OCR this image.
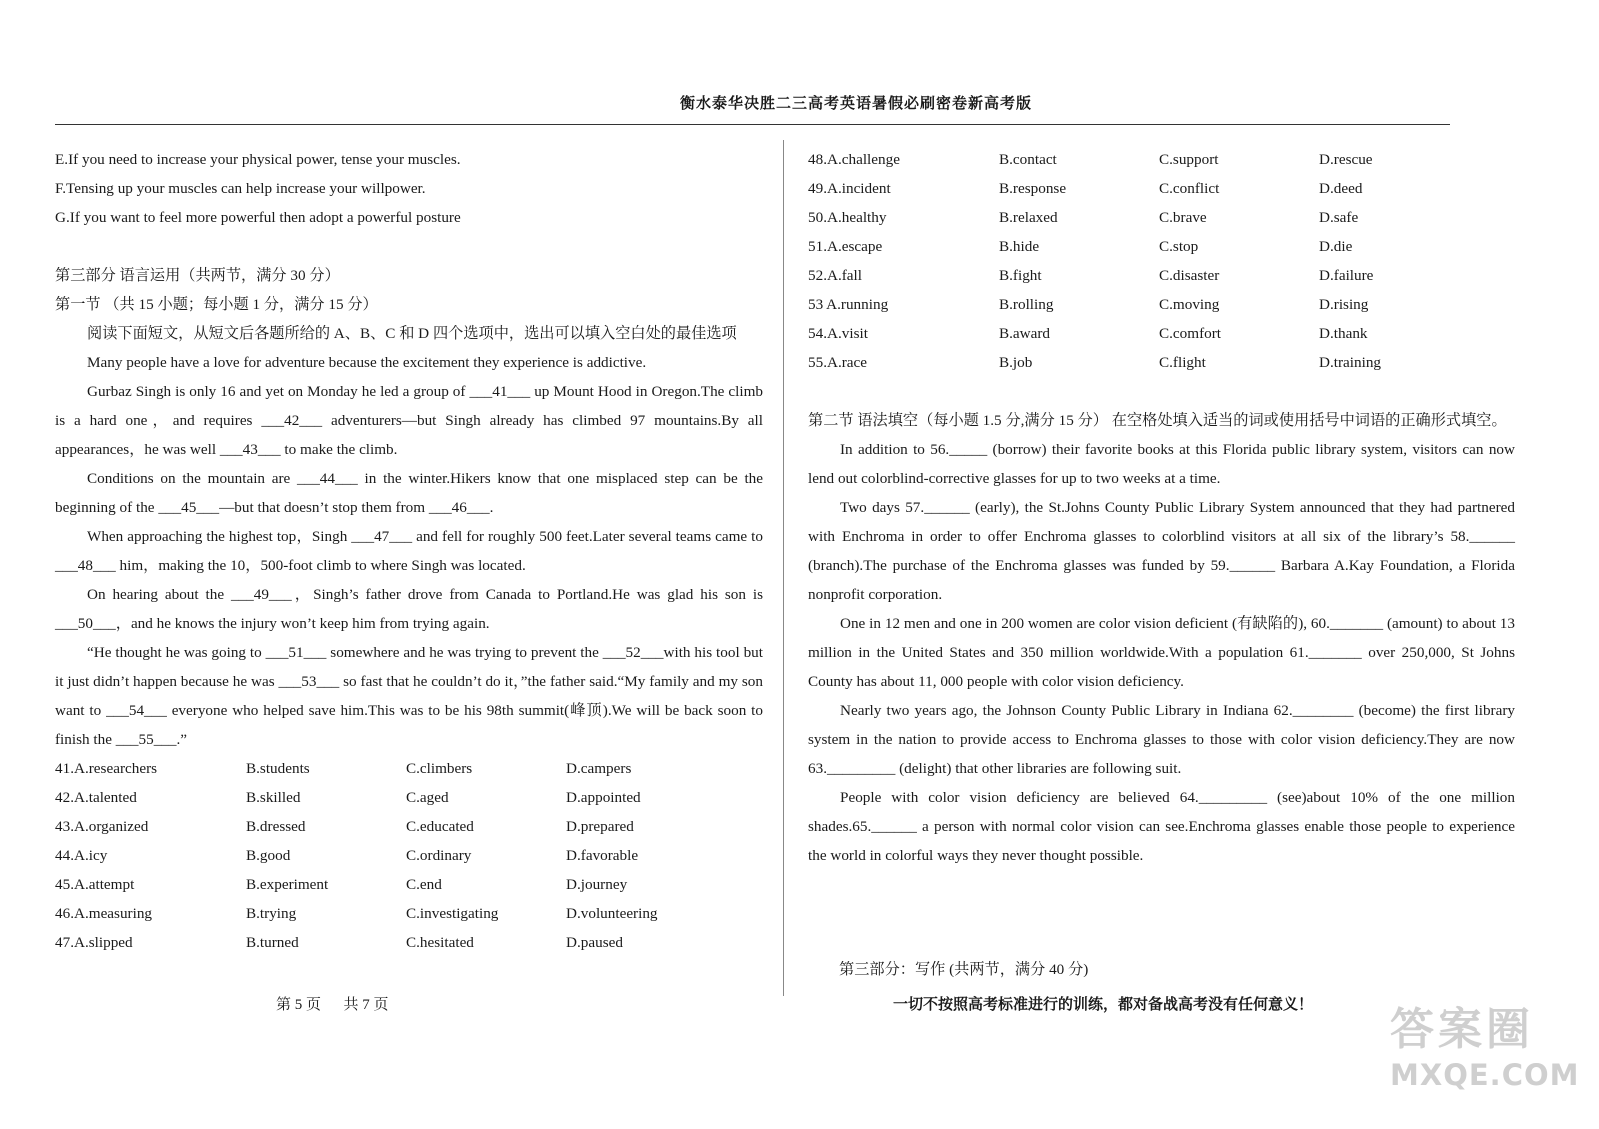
衡水泰华决胜二三高考英语暑假必刷密卷新高考版
E.If you need to increase your physical power, tense your muscles.
F.Tensing up your muscles can help increase your willpower.
G.If you want to feel more powerful then adopt a powerful posture
第三部分 语言运用（共两节，满分 30 分）
第一节 （共 15 小题；每小题 1 分，满分 15 分）

阅读下面短文，从短文后各题所给的 A、B、C 和 D 四个选项中，选出可以填入空白处的最佳选项

Many people have a love for adventure because the excitement they experience is addictive.

Gurbaz Singh is only 16 and yet on Monday he led a group of ___41___ up Mount Hood in Oregon.The climb is a hard one，and requires ___42___ adventurers—but Singh already has climbed 97 mountains.By all appearances，he was well ___43___ to make the climb.

Conditions on the mountain are ___44___ in the winter.Hikers know that one misplaced step can be the beginning of the ___45___—but that doesn’t stop them from ___46___.

When approaching the highest top，Singh ___47___ and fell for roughly 500 feet.Later several teams came to ___48___ him，making the 10，500-foot climb to where Singh was located.

On hearing about the ___49___，Singh’s father drove from Canada to Portland.He was glad his son is ___50___，and he knows the injury won’t keep him from trying again.

“He thought he was going to ___51___ somewhere and he was trying to prevent the ___52___with his tool but it just didn’t happen because he was ___53___ so fast that he couldn’t do it，”the father said.“My family and my son want to ___54___ everyone who helped save him.This was to be his 98th summit(峰顶).We will be back soon to finish the ___55___.”

41.A.researchers	B.students	C.climbers	D.campers
42.A.talented	B.skilled	C.aged	D.appointed
43.A.organized	B.dressed	C.educated	D.prepared
44.A.icy	B.good	C.ordinary	D.favorable
45.A.attempt	B.experiment	C.end	D.journey
46.A.measuring	B.trying	C.investigating	D.volunteering
47.A.slipped	B.turned	C.hesitated	D.paused
48.A.challenge	B.contact	C.support	D.rescue
49.A.incident	B.response	C.conflict	D.deed
50.A.healthy	B.relaxed	C.brave	D.safe
51.A.escape	B.hide	C.stop	D.die
52.A.fall	B.fight	C.disaster	D.failure
53 A.running	B.rolling	C.moving	D.rising
54.A.visit	B.award	C.comfort	D.thank
55.A.race	B.job	C.flight	D.training

第二节 语法填空（每小题 1.5 分,满分 15 分） 在空格处填入适当的词或使用括号中词语的正确形式填空。

In addition to 56._____ (borrow) their favorite books at this Florida public library system, visitors can now lend out colorblind-corrective glasses for up to two weeks at a time.

Two days 57.______ (early), the St.Johns County Public Library System announced that they had partnered with Enchroma in order to offer Enchroma glasses to colorblind visitors at all six of the library’s 58.______ (branch).The purchase of the Enchroma glasses was funded by 59.______ Barbara A.Kay Foundation, a Florida nonprofit corporation.

One in 12 men and one in 200 women are color vision deficient (有缺陷的), 60._______ (amount) to about 13 million in the United States and 350 million worldwide.With a population 61._______ over 250,000, St Johns County has about 11, 000 people with color vision deficiency.

Nearly two years ago, the Johnson County Public Library in Indiana 62.________ (become) the first library system in the nation to provide access to Enchroma glasses to those with color vision deficiency.They are now 63._________ (delight) that other libraries are following suit.

People with color vision deficiency are believed 64._________ (see)about 10% of the one million shades.65.______ a person with normal color vision can see.Enchroma glasses enable those people to experience the world in colorful ways they never thought possible.

第三部分：写作 (共两节，满分 40 分)
第 5 页      共 7 页	一切不按照高考标准进行的训练，都对备战高考没有任何意义！ 答案圈
MXQE.COM
